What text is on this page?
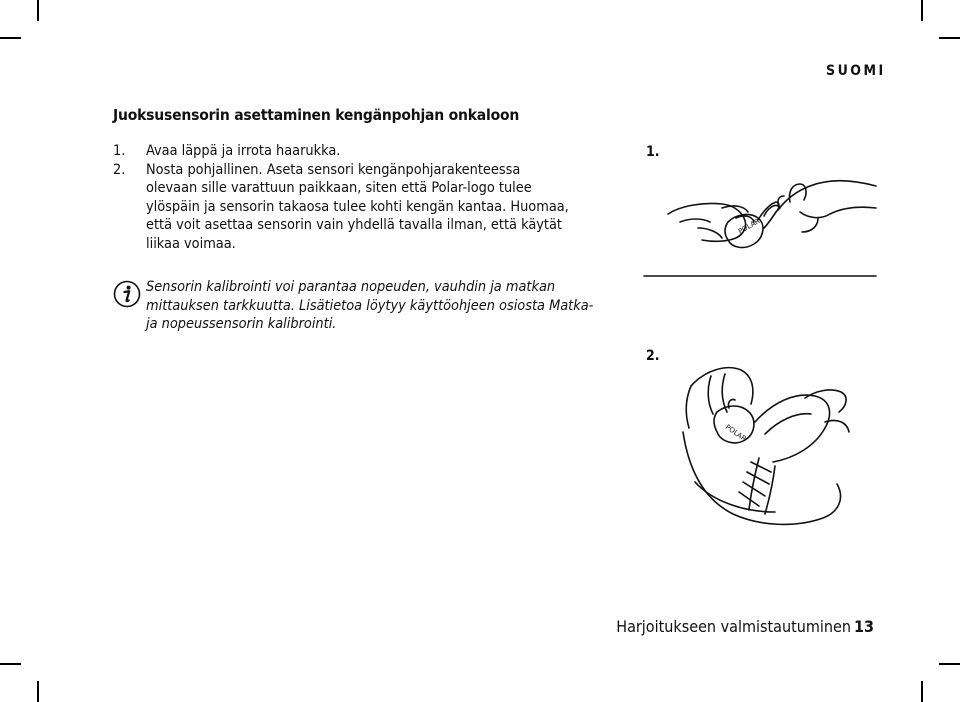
SUOMI
Juoksusensorin asettaminen kengänpohjan onkaloon
1. Avaa läppä ja irrota haarukka.
2. Nosta pohjallinen. Aseta sensori kengänpohjarakenteessa
olevaan sille varattuun paikkaan, siten että Polar-logo tulee
ylöspäin ja sensorin takaosa tulee kohti kengän kantaa. Huomaa,
että voit asettaa sensorin vain yhdellä tavalla ilman, että käytät
liikaa voimaa.
Sensorin kalibrointi voi parantaa nopeuden, vauhdin ja matkan
mittauksen tarkkuutta. Lisätietoa löytyy käyttöohjeen osiosta Matka-
ja nopeussensorin kalibrointi.
1.
POLAR
2.
POLAR
Harjoitukseen valmistautuminen 13
